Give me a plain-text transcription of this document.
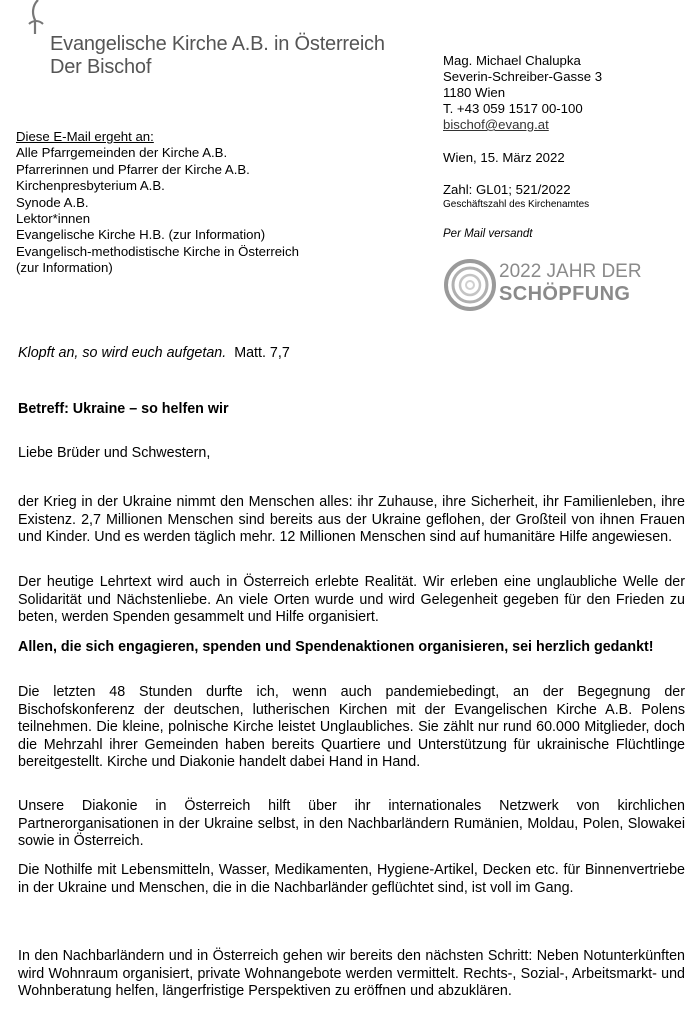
Evangelische Kirche A.B. in Österreich
Der Bischof	Mag. Michael Chalupka
Severin-Schreiber-Gasse 3
1180 Wien
T. +43 059 1517 00-100
bischof@evang.at
Wien, 15. März 2022
Zahl: GL01; 521/2022
Geschäftszahl des Kirchenamtes
Per Mail versandt
2022 JAHR DER
SCHÖPFUNG
Diese E-Mail ergeht an:
Alle Pfarrgemeinden der Kirche A.B.
Pfarrerinnen und Pfarrer der Kirche A.B.
Kirchenpresbyterium A.B.
Synode A.B.
Lektor*innen
Evangelische Kirche H.B. (zur Information)
Evangelisch-methodistische Kirche in Österreich
(zur Information)
Klopft an, so wird euch aufgetan. Matt. 7,7
Betreff: Ukraine – so helfen wir
Liebe Brüder und Schwestern,

der Krieg in der Ukraine nimmt den Menschen alles: ihr Zuhause, ihre Sicherheit, ihr Familienleben, ihre Existenz. 2,7 Millionen Menschen sind bereits aus der Ukraine geflohen, der Großteil von ihnen Frauen und Kinder. Und es werden täglich mehr. 12 Millionen Menschen sind auf humanitäre Hilfe angewiesen.

Der heutige Lehrtext wird auch in Österreich erlebte Realität. Wir erleben eine unglaubliche Welle der Solidarität und Nächstenliebe. An viele Orten wurde und wird Gelegenheit gegeben für den Frieden zu beten, werden Spenden gesammelt und Hilfe organisiert.

Allen, die sich engagieren, spenden und Spendenaktionen organisieren, sei herzlich gedankt!

Die letzten 48 Stunden durfte ich, wenn auch pandemiebedingt, an der Begegnung der Bischofskonferenz der deutschen, lutherischen Kirchen mit der Evangelischen Kirche A.B. Polens teilnehmen. Die kleine, polnische Kirche leistet Unglaubliches. Sie zählt nur rund 60.000 Mitglieder, doch die Mehrzahl ihrer Gemeinden haben bereits Quartiere und Unterstützung für ukrainische Flüchtlinge bereitgestellt. Kirche und Diakonie handelt dabei Hand in Hand.

Unsere Diakonie in Österreich hilft über ihr internationales Netzwerk von kirchlichen Partnerorganisationen in der Ukraine selbst, in den Nachbarländern Rumänien, Moldau, Polen, Slowakei sowie in Österreich.

Die Nothilfe mit Lebensmitteln, Wasser, Medikamenten, Hygiene-Artikel, Decken etc. für Binnenvertriebe in der Ukraine und Menschen, die in die Nachbarländer geflüchtet sind, ist voll im Gang.

In den Nachbarländern und in Österreich gehen wir bereits den nächsten Schritt: Neben Notunterkünften wird Wohnraum organisiert, private Wohnangebote werden vermittelt. Rechts-, Sozial-, Arbeitsmarkt- und Wohnberatung helfen, längerfristige Perspektiven zu eröffnen und abzuklären.
